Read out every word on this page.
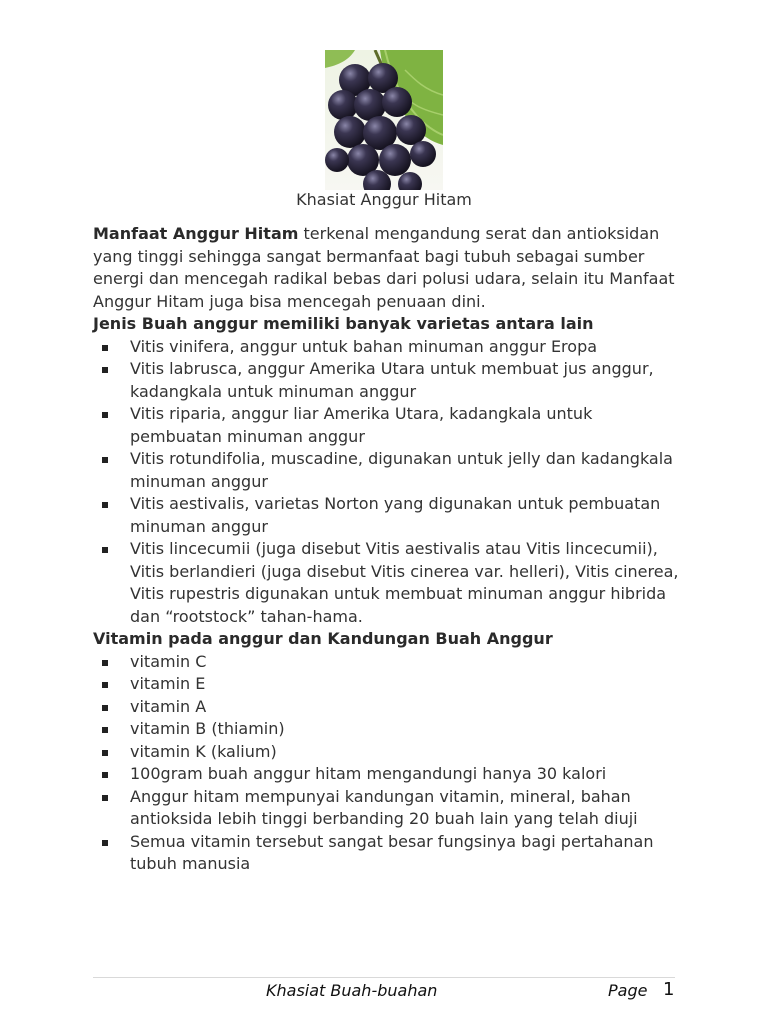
Khasiat Anggur Hitam

Manfaat Anggur Hitam terkenal mengandung serat dan antioksidan yang tinggi sehingga sangat bermanfaat bagi tubuh sebagai sumber energi dan mencegah radikal bebas dari polusi udara, selain itu Manfaat Anggur Hitam juga bisa mencegah penuaan dini.

Jenis Buah anggur memiliki banyak varietas antara lain
Vitis vinifera, anggur untuk bahan minuman anggur Eropa
Vitis labrusca, anggur Amerika Utara untuk membuat jus anggur, kadangkala untuk minuman anggur
Vitis riparia, anggur liar Amerika Utara, kadangkala untuk pembuatan minuman anggur
Vitis rotundifolia, muscadine, digunakan untuk jelly dan kadangkala minuman anggur
Vitis aestivalis, varietas Norton yang digunakan untuk pembuatan minuman anggur
Vitis lincecumii (juga disebut Vitis aestivalis atau Vitis lincecumii), Vitis berlandieri (juga disebut Vitis cinerea var. helleri), Vitis cinerea, Vitis rupestris digunakan untuk membuat minuman anggur hibrida dan “rootstock” tahan-hama.
Vitamin pada anggur dan Kandungan Buah Anggur
vitamin C
vitamin E
vitamin A
vitamin B (thiamin)
vitamin K (kalium)
100gram buah anggur hitam mengandungi hanya 30 kalori
Anggur hitam mempunyai kandungan vitamin, mineral, bahan antioksida lebih tinggi berbanding 20 buah lain yang telah diuji
Semua vitamin tersebut sangat besar fungsinya bagi pertahanan tubuh manusia
Khasiat Buah-buahan	Page 1
